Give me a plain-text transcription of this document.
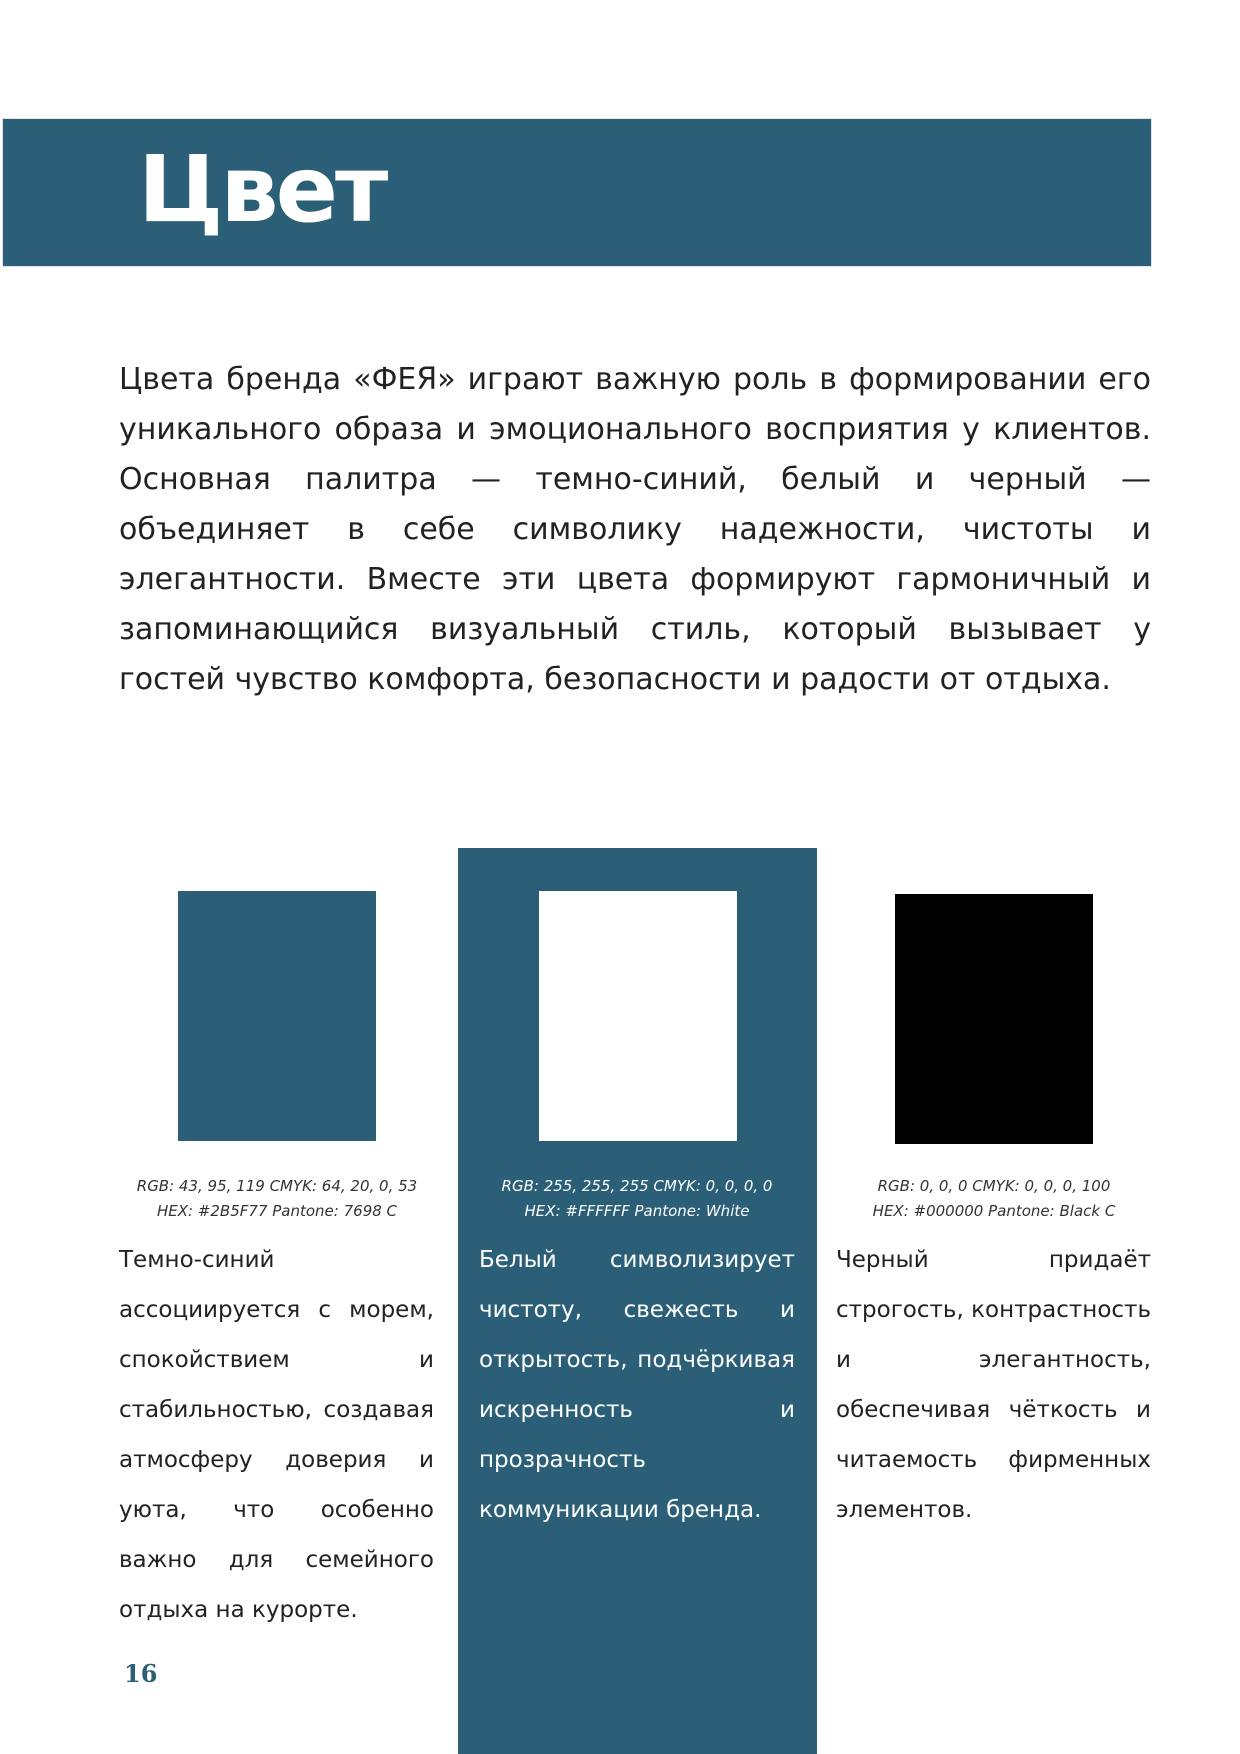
Цвет

Цвета бренда «ФЕЯ» играют важную роль в формировании его уникального образа и эмоционального восприятия у клиентов. Основная палитра — темно-синий, белый и черный — объединяет в себе символику надежности, чистоты и элегантности. Вместе эти цвета формируют гармоничный и запоминающийся визуальный стиль, который вызывает у гостей чувство комфорта, безопасности и радости от отдыха.

RGB: 43, 95, 119 CMYK: 64, 20, 0, 53
HEX: #2B5F77 Pantone: 7698 C

Темно-синий ассоциируется с морем, спокойствием и стабильностью, создавая атмосферу доверия и уюта, что особенно важно для семейного отдыха на курорте.

RGB: 255, 255, 255 CMYK: 0, 0, 0, 0
HEX: #FFFFFF Pantone: White

Белый символизирует чистоту, свежесть и открытость, подчёркивая искренность и прозрачность коммуникации бренда.

RGB: 0, 0, 0 CMYK: 0, 0, 0, 100
HEX: #000000 Pantone: Black C

Черный придаёт строгость, контрастность и элегантность, обеспечивая чёткость и читаемость фирменных элементов.

16
